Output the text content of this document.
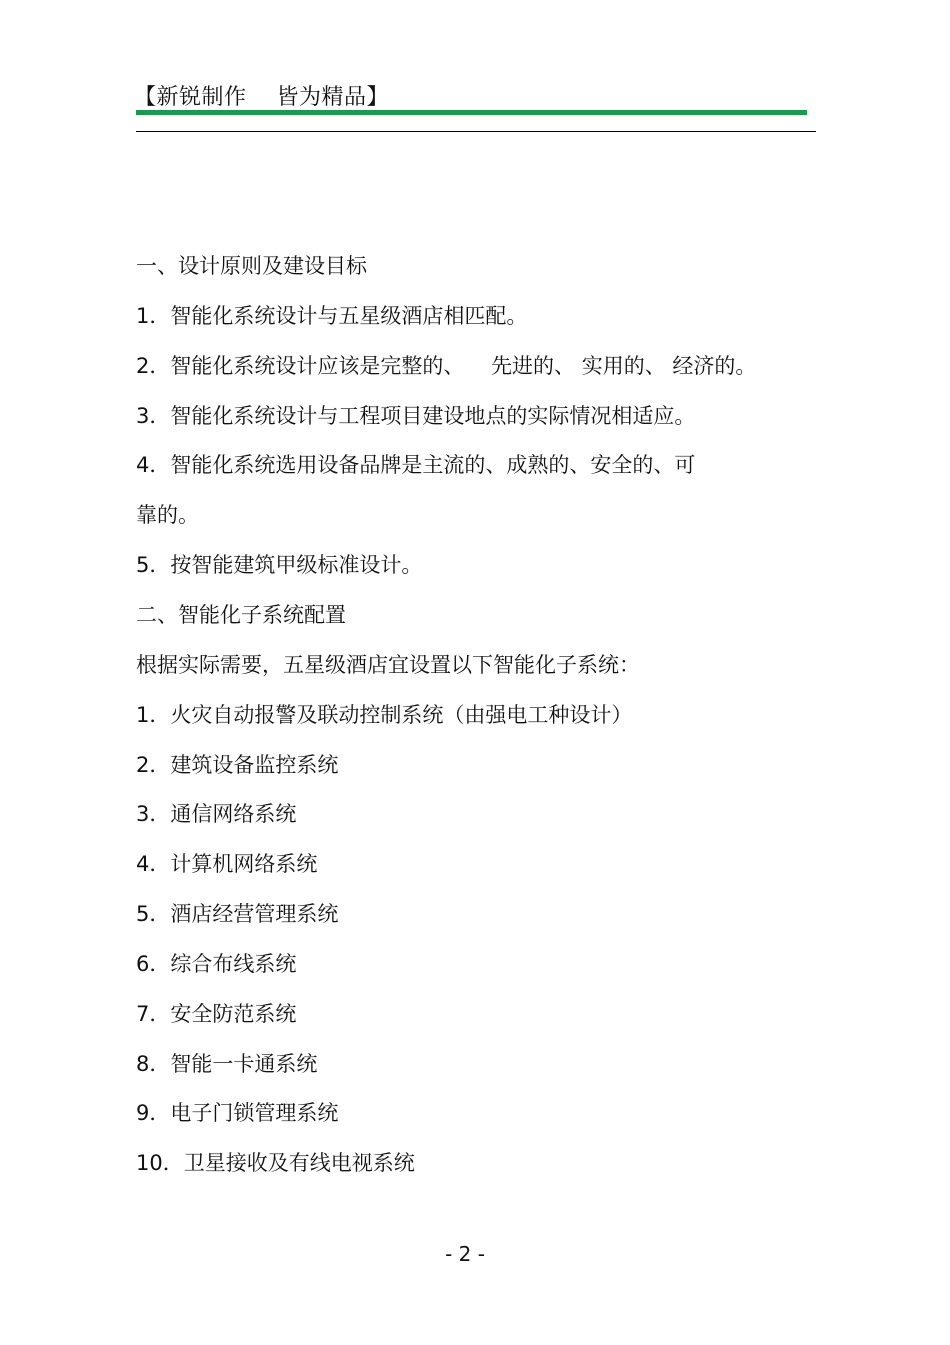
【新锐制作    皆为精品】
一、设计原则及建设目标
1．智能化系统设计与五星级酒店相匹配。
2．智能化系统设计应该是完整的、    先进的、 实用的、 经济的。
3．智能化系统设计与工程项目建设地点的实际情况相适应。
4．智能化系统选用设备品牌是主流的、成熟的、安全的、可
靠的。
5．按智能建筑甲级标准设计。
二、智能化子系统配置
根据实际需要，五星级酒店宜设置以下智能化子系统：
1．火灾自动报警及联动控制系统（由强电工种设计）
2．建筑设备监控系统
3．通信网络系统
4．计算机网络系统
5．酒店经营管理系统
6．综合布线系统
7．安全防范系统
8．智能一卡通系统
9．电子门锁管理系统
10．卫星接收及有线电视系统
- 2 -
